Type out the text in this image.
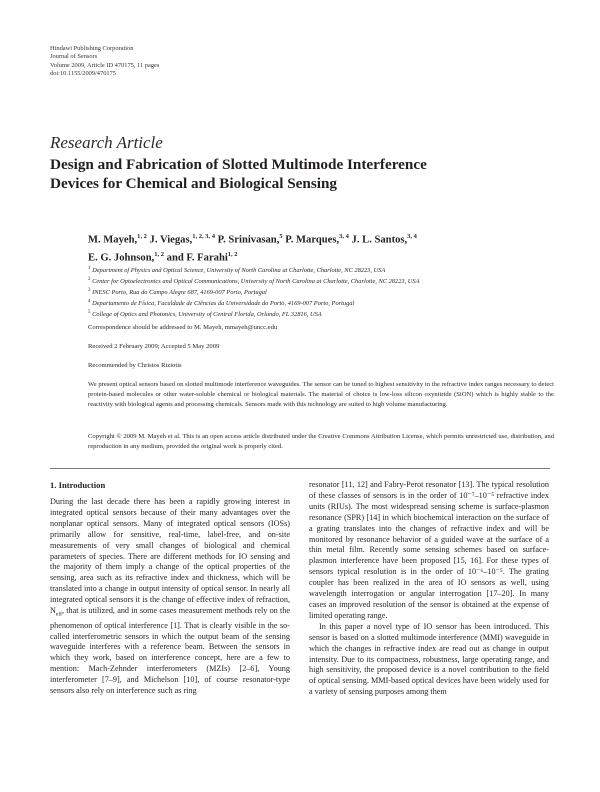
Hindawi Publishing Corporation
Journal of Sensors
Volume 2009, Article ID 470175, 11 pages
doi:10.1155/2009/470175
Research Article
Design and Fabrication of Slotted Multimode Interference
Devices for Chemical and Biological Sensing
M. Mayeh,$^{1, 2}$ J. Viegas,$^{1, 2, 3, 4}$ P. Srinivasan,$^5$ P. Marques,$^{3, 4}$ J. L. Santos,$^{3, 4}$
E. G. Johnson,$^{1, 2}$ and F. Farahi$^{1, 2}$
$^1$ Department of Physics and Optical Science, University of North Carolina at Charlotte, Charlotte, NC 28223, USA
$^2$ Center for Optoelectronics and Optical Communications, University of North Carolina at Charlotte, Charlotte, NC 28223, USA
$^3$ INESC Porto, Rua do Campo Alegre 687, 4169-007 Porto, Portugal
$^4$ Departamento de Física, Faculdade de Ciências da Universidade do Porto, 4169-007 Porto, Portugal
$^5$ College of Optics and Photonics, University of Central Florida, Orlando, FL 32816, USA
Correspondence should be addressed to M. Mayeh, mmayeh@uncc.edu
Received 2 February 2009; Accepted 5 May 2009
Recommended by Christos Riziotis
We present optical sensors based on slotted multimode interference waveguides. The sensor can be tuned to highest sensitivity in the refractive index ranges necessary to detect protein-based molecules or other water-soluble chemical or biological materials. The material of choice is low-loss silicon oxynitride (SiON) which is highly stable to the reactivity with biological agents and processing chemicals. Sensors made with this technology are suited to high volume manufacturing.
Copyright © 2009 M. Mayeh et al. This is an open access article distributed under the Creative Commons Attribution License, which permits unrestricted use, distribution, and reproduction in any medium, provided the original work is properly cited.
1. Introduction

During the last decade there has been a rapidly growing interest in integrated optical sensors because of their many advantages over the nonplanar optical sensors. Many of integrated optical sensors (IOSs) primarily allow for sensitive, real-time, label-free, and on-site measurements of very small changes of biological and chemical parameters of species. There are different methods for IO sensing and the majority of them imply a change of the optical properties of the sensing, area such as its refractive index and thickness, which will be translated into a change in output intensity of optical sensor. In nearly all integrated optical sensors it is the change of effective index of refraction, $N_{eff}$, that is utilized, and in some cases measurement methods rely on the phenomenon of optical interference [1]. That is clearly visible in the so-called interferometric sensors in which the output beam of the sensing waveguide interferes with a reference beam. Between the sensors in which they work, based on interference concept, here are a few to mention: Mach-Zehnder interferometers (MZIs) [2–6], Young interferometer [7–9], and Michelson [10], of course resonator-type sensors also rely on interference such as ring

resonator [11, 12] and Fabry-Perot resonator [13]. The typical resolution of these classes of sensors is in the order of 10⁻⁷–10⁻⁵ refractive index units (RIUs). The most widespread sensing scheme is surface-plasmon resonance (SPR) [14] in which biochemical interaction on the surface of a grating translates into the changes of refractive index and will be monitored by resonance behavior of a guided wave at the surface of a thin metal film. Recently some sensing schemes based on surface-plasmon interference have been proposed [15, 16]. For these types of sensors typical resolution is in the order of 10⁻⁶–10⁻⁵. The grating coupler has been realized in the area of IO sensors as well, using wavelength interrogation or angular interrogation [17–20]. In many cases an improved resolution of the sensor is obtained at the expense of limited operating range.

In this paper a novel type of IO sensor has been introduced. This sensor is based on a slotted multimode interference (MMI) waveguide in which the changes in refractive index are read out as change in output intensity. Due to its compactness, robustness, large operating range, and high sensitivity, the proposed device is a novel contribution to the field of optical sensing. MMI-based optical devices have been widely used for a variety of sensing purposes among them
